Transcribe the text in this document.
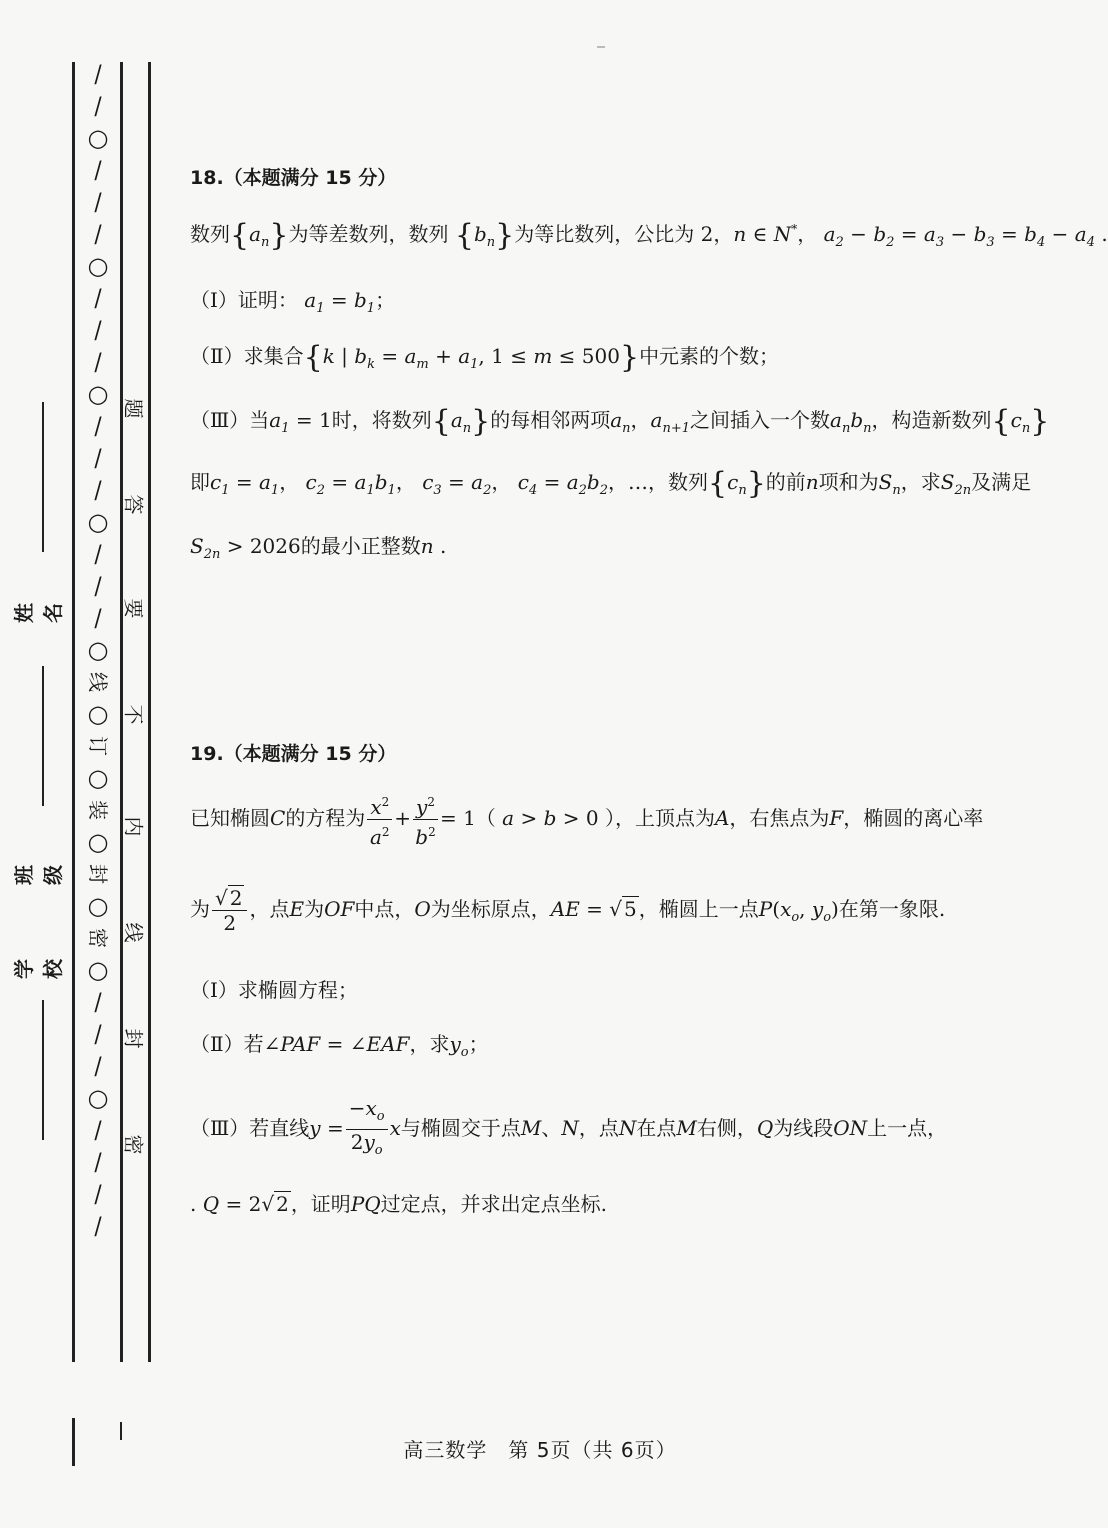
/
/
○
/
/
/
○
/
/
/
○
/
/
/
○
/
/
/
○
线
○
订
○
装
○
封
○
密
○
/
/
/
○
/
/
/
/
题
答
要
不
内
线
封
密
姓名
班级
学校
18.（本题满分 15 分）
数列$\{a_n\}$为等差数列，数列 $\{b_n\}$为等比数列，公比为 2，n ∈ N*， $a_2 - b_2 = a_3 - b_3 = b_4 - a_4$ .
（Ⅰ）证明： $a_1 = b_1$；
（Ⅱ）求集合{k | $b_k = a_m + a_1$, 1 ≤ m ≤ 500}中元素的个数；
（Ⅲ）当$a_1 = 1$时，将数列$\{a_n\}$的每相邻两项$a_n$，$a_{n+1}$之间插入一个数$a_nb_n$，构造新数列$\{c_n\}$
即$c_1 = a_1$， $c_2 = a_1b_1$， $c_3 = a_2$， $c_4 = a_2b_2$，…，数列$\{c_n\}$的前n项和为$S_n$，求$S_{2n}$及满足
$S_{2n} > 2026$的最小正整数n .
19.（本题满分 15 分）
已知椭圆C的方程为 $\frac{x^2}{a^2} + \frac{y^2}{b^2} = 1$（ a > b > 0 ），上顶点为A，右焦点为F，椭圆的离心率
为 $\frac{√ 2}{2}$ ，点E为OF中点，O为坐标原点，AE = √ 5 ，椭圆上一点$P(x_o$, $y_o$)在第一象限.
（Ⅰ）求椭圆方程；
（Ⅱ）若∠PAF = ∠EAF，求$y_o$；
（Ⅲ）若直线$y = \frac{-x_o}{2y_o}$ x与椭圆交于点M、N，点N在点M右侧，Q为线段ON上一点，
. Q = 2√ 2 ，证明PQ过定点，并求出定点坐标.
高三数学　第 5页（共 6页）
